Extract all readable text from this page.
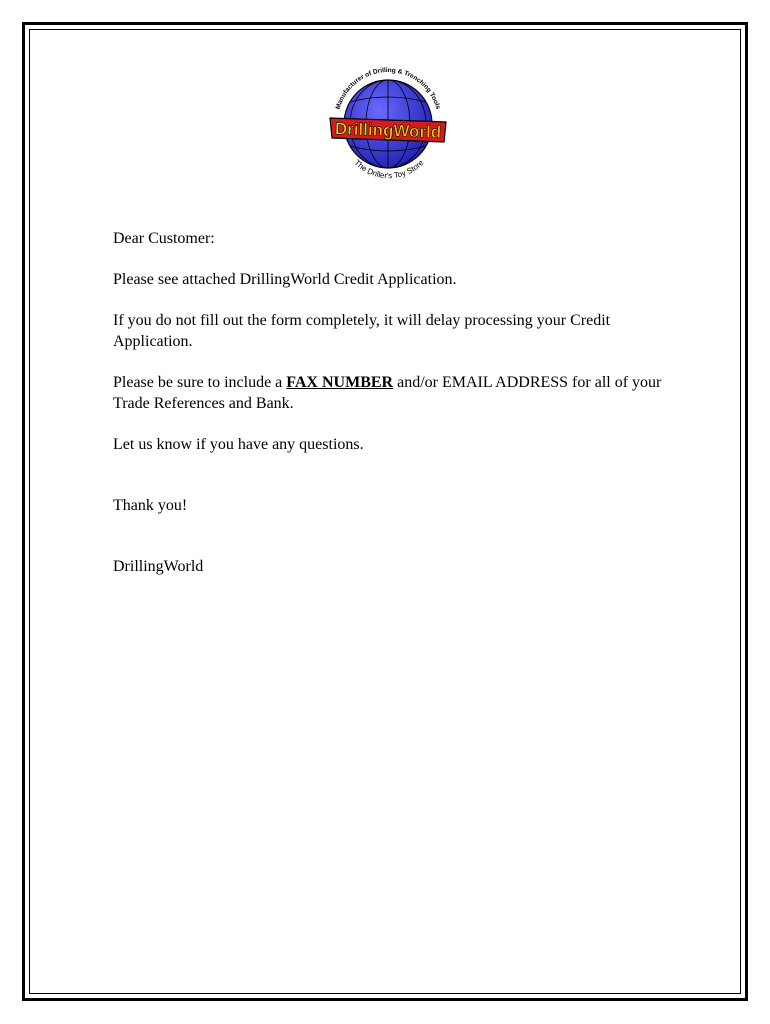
DrillingWorld
Manufacturer of Drilling & Trenching Tools
The Driller's Toy Store

Dear Customer:

Please see attached DrillingWorld Credit Application.

If you do not fill out the form completely, it will delay processing your Credit Application.

Please be sure to include a FAX NUMBER and/or EMAIL ADDRESS for all of your Trade References and Bank.

Let us know if you have any questions.

Thank you!

DrillingWorld
